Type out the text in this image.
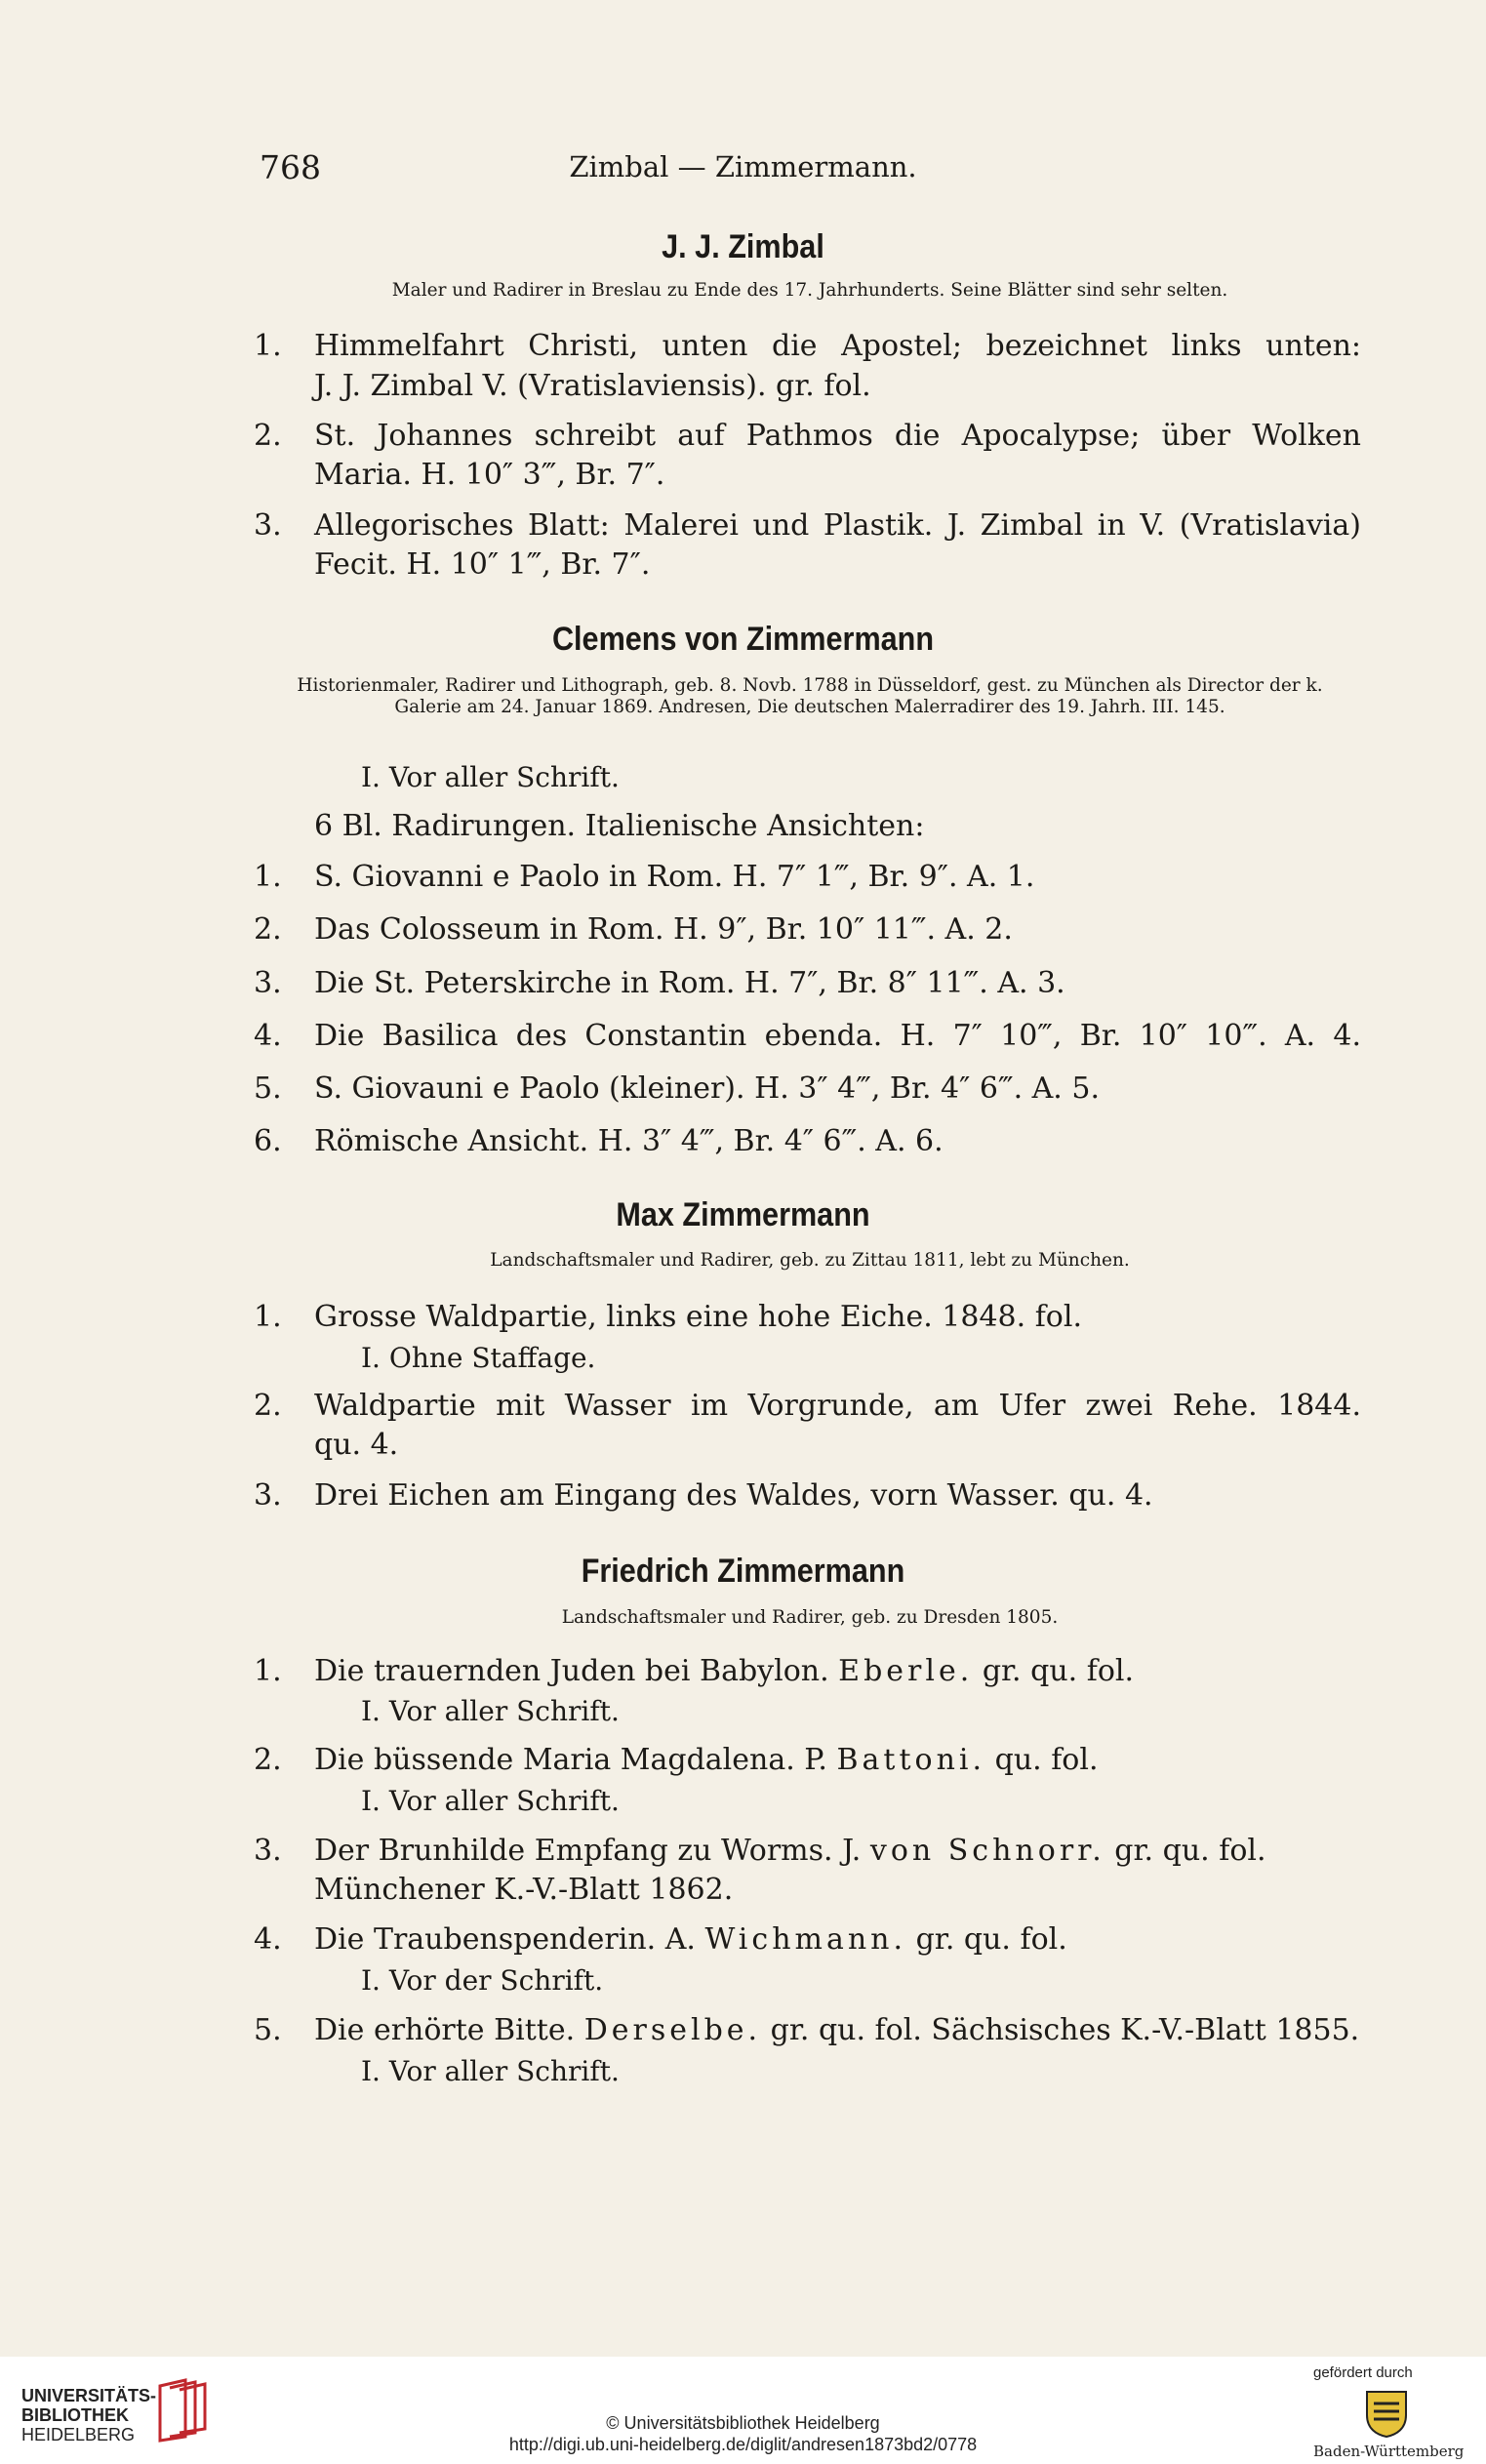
768	Zimbal — Zimmermann.
J. J. Zimbal
Maler und Radirer in Breslau zu Ende des 17. Jahrhunderts. Seine Blätter sind sehr selten.
1. Himmelfahrt Christi, unten die Apostel; bezeichnet links unten:
J. J. Zimbal V. (Vratislaviensis). gr. fol.
2. St. Johannes schreibt auf Pathmos die Apocalypse; über Wolken
Maria. H. 10″ 3‴, Br. 7″.
3. Allegorisches Blatt: Malerei und Plastik. J. Zimbal in V. (Vratislavia)
Fecit. H. 10″ 1‴, Br. 7″.
Clemens von Zimmermann
Historienmaler, Radirer und Lithograph, geb. 8. Novb. 1788 in Düsseldorf, gest. zu München als Director der k. Galerie am 24. Januar 1869. Andresen, Die deutschen Malerradirer des 19. Jahrh. III. 145.
I. Vor aller Schrift.
6 Bl. Radirungen. Italienische Ansichten:
1. S. Giovanni e Paolo in Rom. H. 7″ 1‴, Br. 9″. A. 1.
2. Das Colosseum in Rom. H. 9″, Br. 10″ 11‴. A. 2.
3. Die St. Peterskirche in Rom. H. 7″, Br. 8″ 11‴. A. 3.
4. Die Basilica des Constantin ebenda. H. 7″ 10‴, Br. 10″ 10‴. A. 4.
5. S. Giovauni e Paolo (kleiner). H. 3″ 4‴, Br. 4″ 6‴. A. 5.
6. Römische Ansicht. H. 3″ 4‴, Br. 4″ 6‴. A. 6.
Max Zimmermann
Landschaftsmaler und Radirer, geb. zu Zittau 1811, lebt zu München.
1. Grosse Waldpartie, links eine hohe Eiche. 1848. fol.
I. Ohne Staffage.
2. Waldpartie mit Wasser im Vorgrunde, am Ufer zwei Rehe. 1844.
qu. 4.
3. Drei Eichen am Eingang des Waldes, vorn Wasser. qu. 4.
Friedrich Zimmermann
Landschaftsmaler und Radirer, geb. zu Dresden 1805.
1. Die trauernden Juden bei Babylon. Eberle. gr. qu. fol.
I. Vor aller Schrift.
2. Die büssende Maria Magdalena. P. Battoni. qu. fol.
I. Vor aller Schrift.
3. Der Brunhilde Empfang zu Worms. J. von Schnorr. gr. qu. fol.
Münchener K.-V.-Blatt 1862.
4. Die Traubenspenderin. A. Wichmann. gr. qu. fol.
I. Vor der Schrift.
5. Die erhörte Bitte. Derselbe. gr. qu. fol. Sächsisches K.-V.-Blatt 1855.
I. Vor aller Schrift.
UNIVERSITÄTS-
BIBLIOTHEK
HEIDELBERG
© Universitätsbibliothek Heidelberg
http://digi.ub.uni-heidelberg.de/diglit/andresen1873bd2/0778
gefördert durch
Baden-Württemberg
